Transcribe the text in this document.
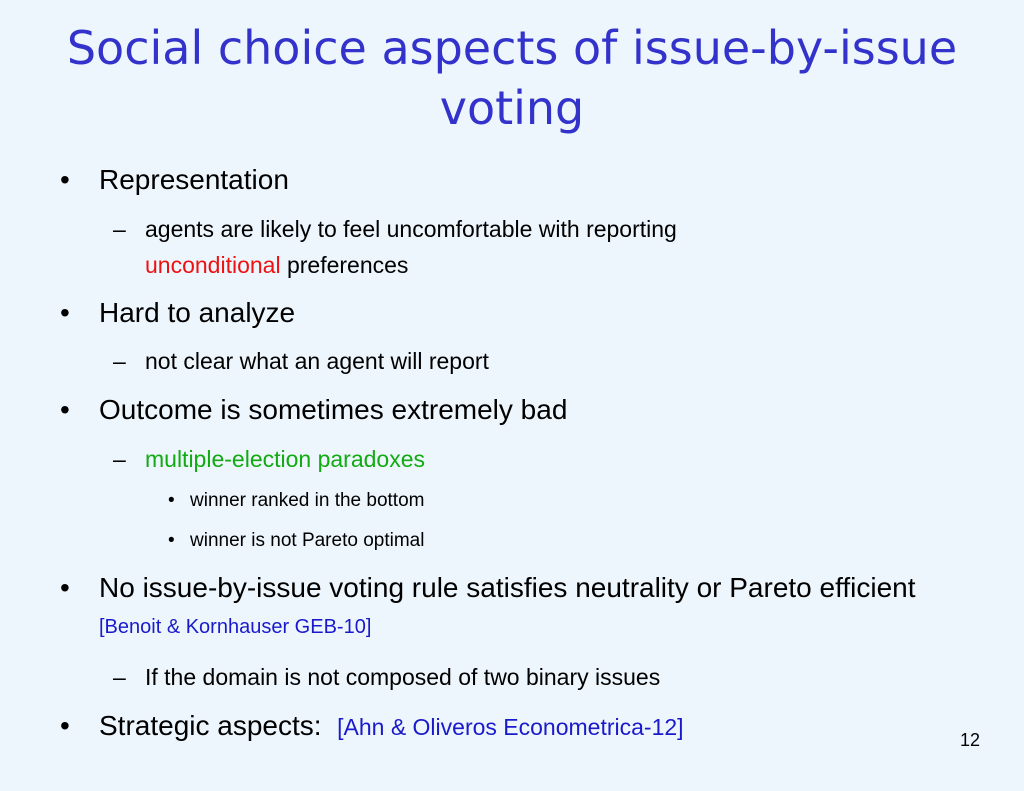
Social choice aspects of issue-by-issue voting
• Representation
– agents are likely to feel uncomfortable with reporting
unconditional preferences
• Hard to analyze
– not clear what an agent will report
• Outcome is sometimes extremely bad
– multiple-election paradoxes
• winner ranked in the bottom
• winner is not Pareto optimal
• No issue-by-issue voting rule satisfies neutrality or Pareto efficient [Benoit & Kornhauser GEB-10]
– If the domain is not composed of two binary issues
• Strategic aspects:  [Ahn & Oliveros Econometrica-12]	12
